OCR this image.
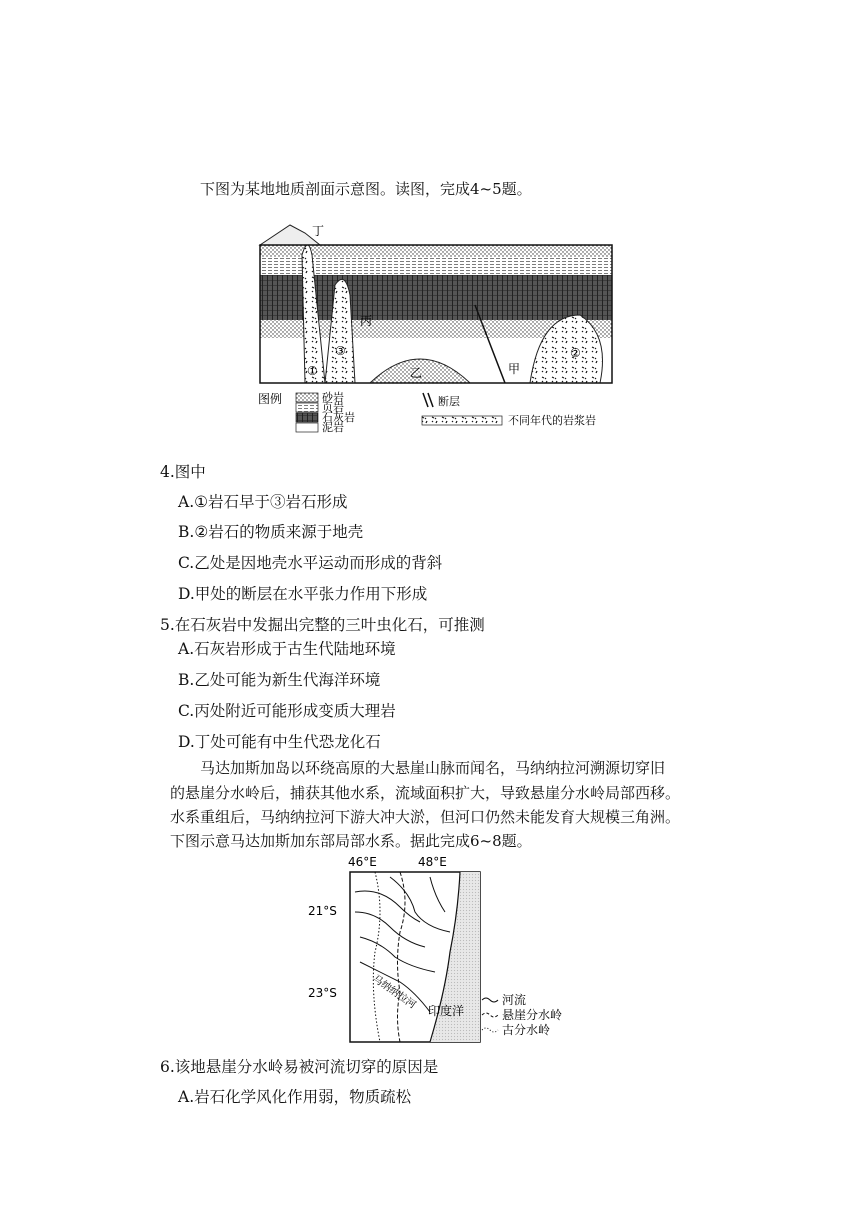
下图为某地地质剖面示意图。读图，完成4~5题。
丁
乙	甲
丙
①
③	②
图例	砂岩
页岩
石灰岩
泥岩
断层
不同年代的岩浆岩
4.图中
A.①岩石早于③岩石形成
B.②岩石的物质来源于地壳
C.乙处是因地壳水平运动而形成的背斜
D.甲处的断层在水平张力作用下形成
5.在石灰岩中发掘出完整的三叶虫化石，可推测
A.石灰岩形成于古生代陆地环境
B.乙处可能为新生代海洋环境
C.丙处附近可能形成变质大理岩
D.丁处可能有中生代恐龙化石
马达加斯加岛以环绕高原的大悬崖山脉而闻名，马纳纳拉河溯源切穿旧
的悬崖分水岭后，捕获其他水系，流域面积扩大，导致悬崖分水岭局部西移。
水系重组后，马纳纳拉河下游大冲大淤，但河口仍然未能发育大规模三角洲。
下图示意马达加斯加东部局部水系。据此完成6~8题。
46°E	48°E
21°S
23°S	马纳纳拉河 印度洋
河流
悬崖分水岭
古分水岭
6.该地悬崖分水岭易被河流切穿的原因是
A.岩石化学风化作用弱，物质疏松
